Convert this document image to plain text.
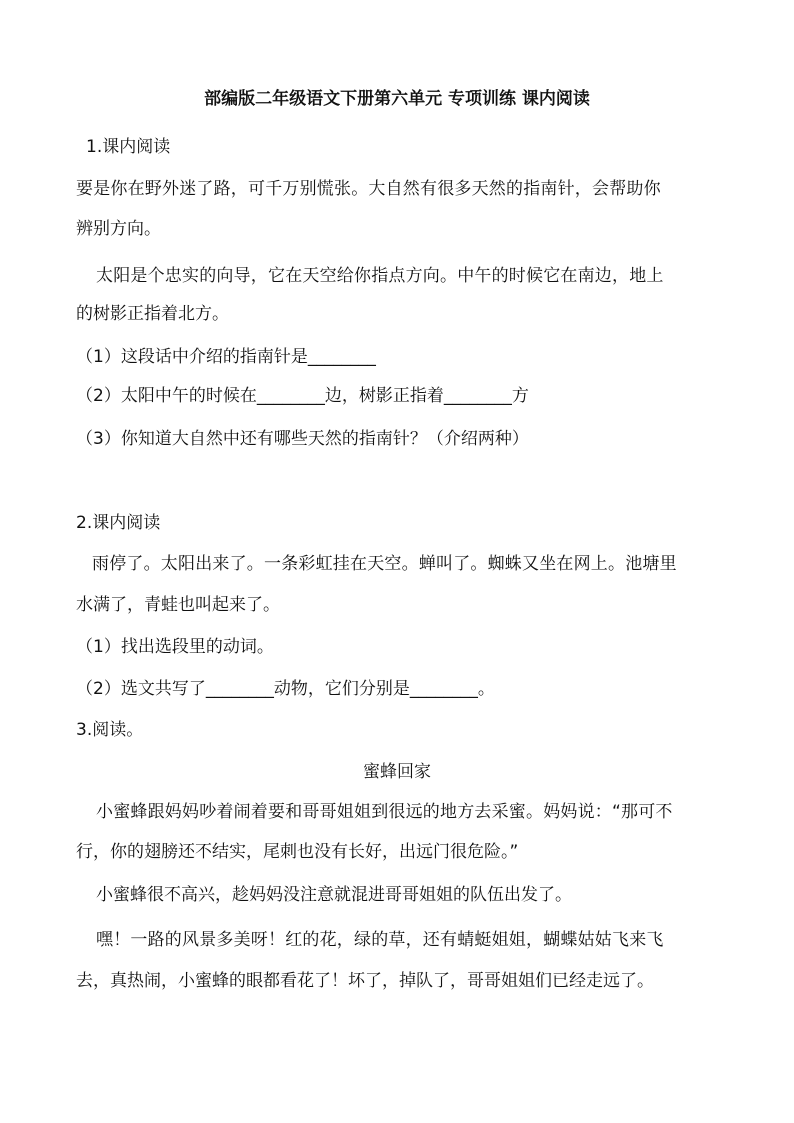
部编版二年级语文下册第六单元 专项训练 课内阅读
1.课内阅读
要是你在野外迷了路，可千万别慌张。大自然有很多天然的指南针，会帮助你
辨别方向。
太阳是个忠实的向导，它在天空给你指点方向。中午的时候它在南边，地上
的树影正指着北方。
（1）这段话中介绍的指南针是________
（2）太阳中午的时候在________边，树影正指着________方
（3）你知道大自然中还有哪些天然的指南针？（介绍两种）
2.课内阅读
雨停了。太阳出来了。一条彩虹挂在天空。蝉叫了。蜘蛛又坐在网上。池塘里
水满了，青蛙也叫起来了。
（1）找出选段里的动词。
（2）选文共写了________动物，它们分别是________。
3.阅读。
蜜蜂回家
小蜜蜂跟妈妈吵着闹着要和哥哥姐姐到很远的地方去采蜜。妈妈说：“那可不
行，你的翅膀还不结实，尾刺也没有长好，出远门很危险。”
小蜜蜂很不高兴，趁妈妈没注意就混进哥哥姐姐的队伍出发了。
嘿！一路的风景多美呀！红的花，绿的草，还有蜻蜓姐姐，蝴蝶姑姑飞来飞
去，真热闹，小蜜蜂的眼都看花了！坏了，掉队了，哥哥姐姐们已经走远了。
